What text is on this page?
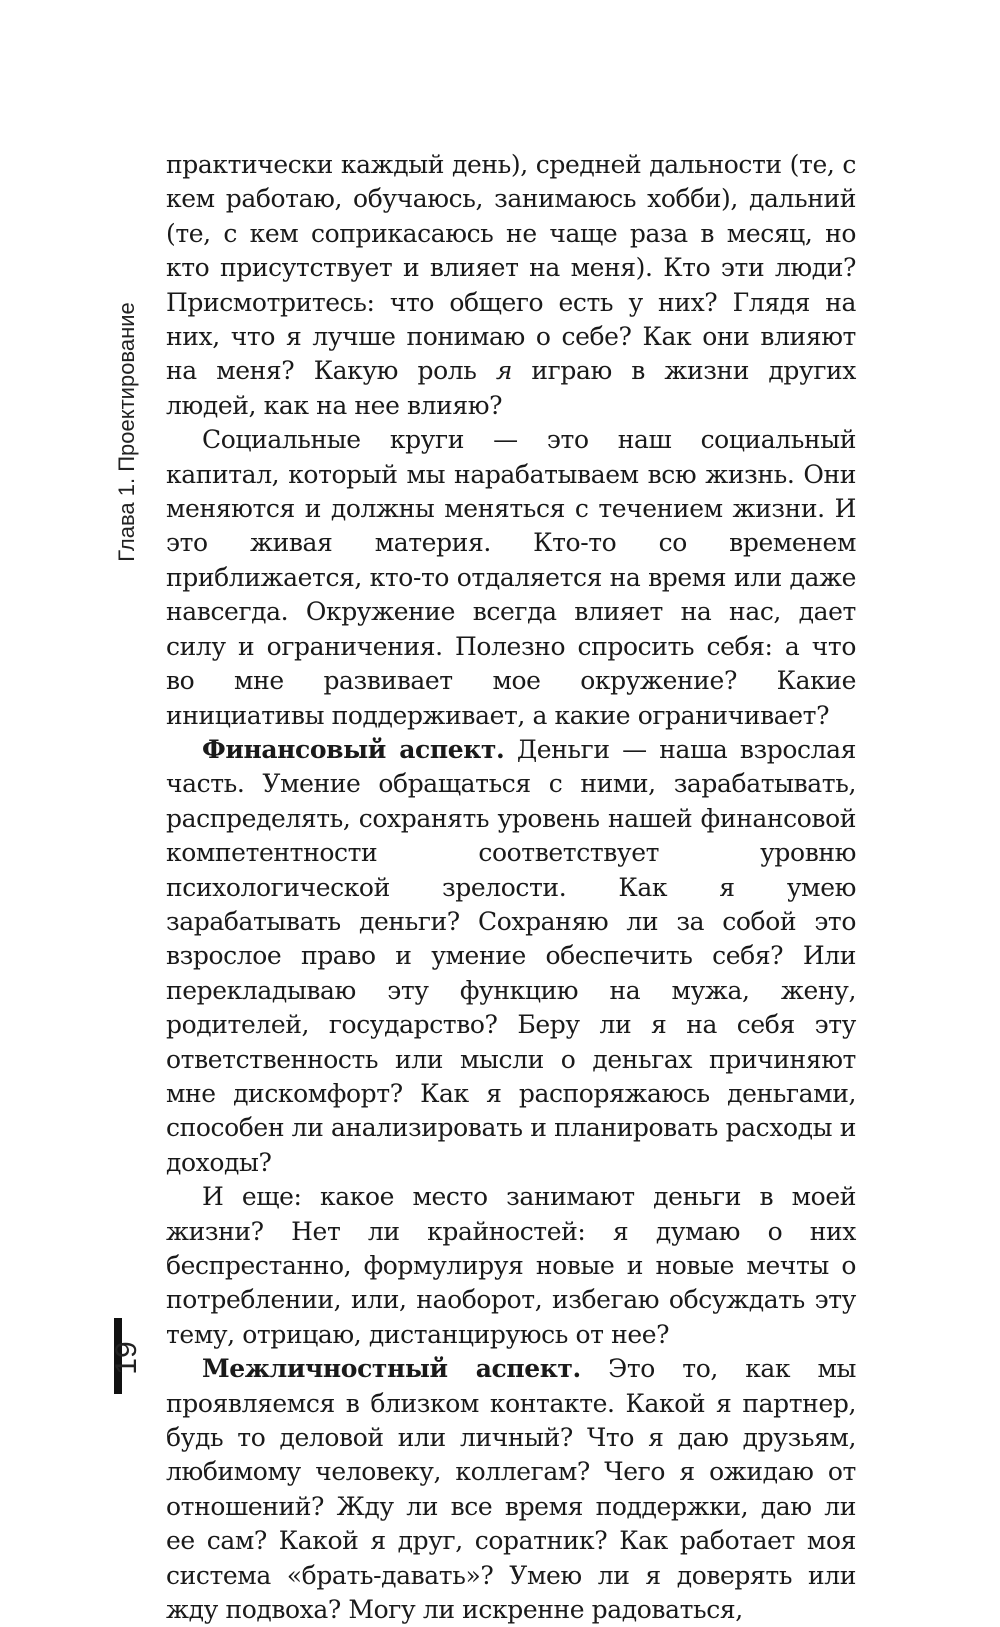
Глава 1. Проектирование
19

практически каждый день), средней дальности (те, с кем работаю, обучаюсь, занимаюсь хобби), дальний (те, с кем соприкасаюсь не чаще раза в месяц, но кто присутствует и влияет на меня). Кто эти люди? Присмотритесь: что общего есть у них? Глядя на них, что я лучше понимаю о себе? Как они влияют на меня? Какую роль я играю в жизни других людей, как на нее влияю?

Социальные круги — это наш социальный капитал, который мы нарабатываем всю жизнь. Они меняются и должны меняться с течением жизни. И это живая материя. Кто-то со временем приближается, кто-то отдаляется на время или даже навсегда. Окружение всегда влияет на нас, дает силу и ограничения. Полезно спросить себя: а что во мне развивает мое окружение? Какие инициативы поддерживает, а какие ограничивает?

Финансовый аспект. Деньги — наша взрослая часть. Умение обращаться с ними, зарабатывать, распределять, сохранять уровень нашей финансовой компетентности соответствует уровню психологической зрелости. Как я умею зарабатывать деньги? Сохраняю ли за собой это взрослое право и умение обеспечить себя? Или перекладываю эту функцию на мужа, жену, родителей, государство? Беру ли я на себя эту ответственность или мысли о деньгах причиняют мне дискомфорт? Как я распоряжаюсь деньгами, способен ли анализировать и планировать расходы и доходы?

И еще: какое место занимают деньги в моей жизни? Нет ли крайностей: я думаю о них беспрестанно, формулируя новые и новые мечты о потреблении, или, наоборот, избегаю обсуждать эту тему, отрицаю, дистанцируюсь от нее?

Межличностный аспект. Это то, как мы проявляемся в близком контакте. Какой я партнер, будь то деловой или личный? Что я даю друзьям, любимому человеку, коллегам? Чего я ожидаю от отношений? Жду ли все время поддержки, даю ли ее сам? Какой я друг, соратник? Как работает моя система «брать-давать»? Умею ли я доверять или жду подвоха? Могу ли искренне радоваться,
